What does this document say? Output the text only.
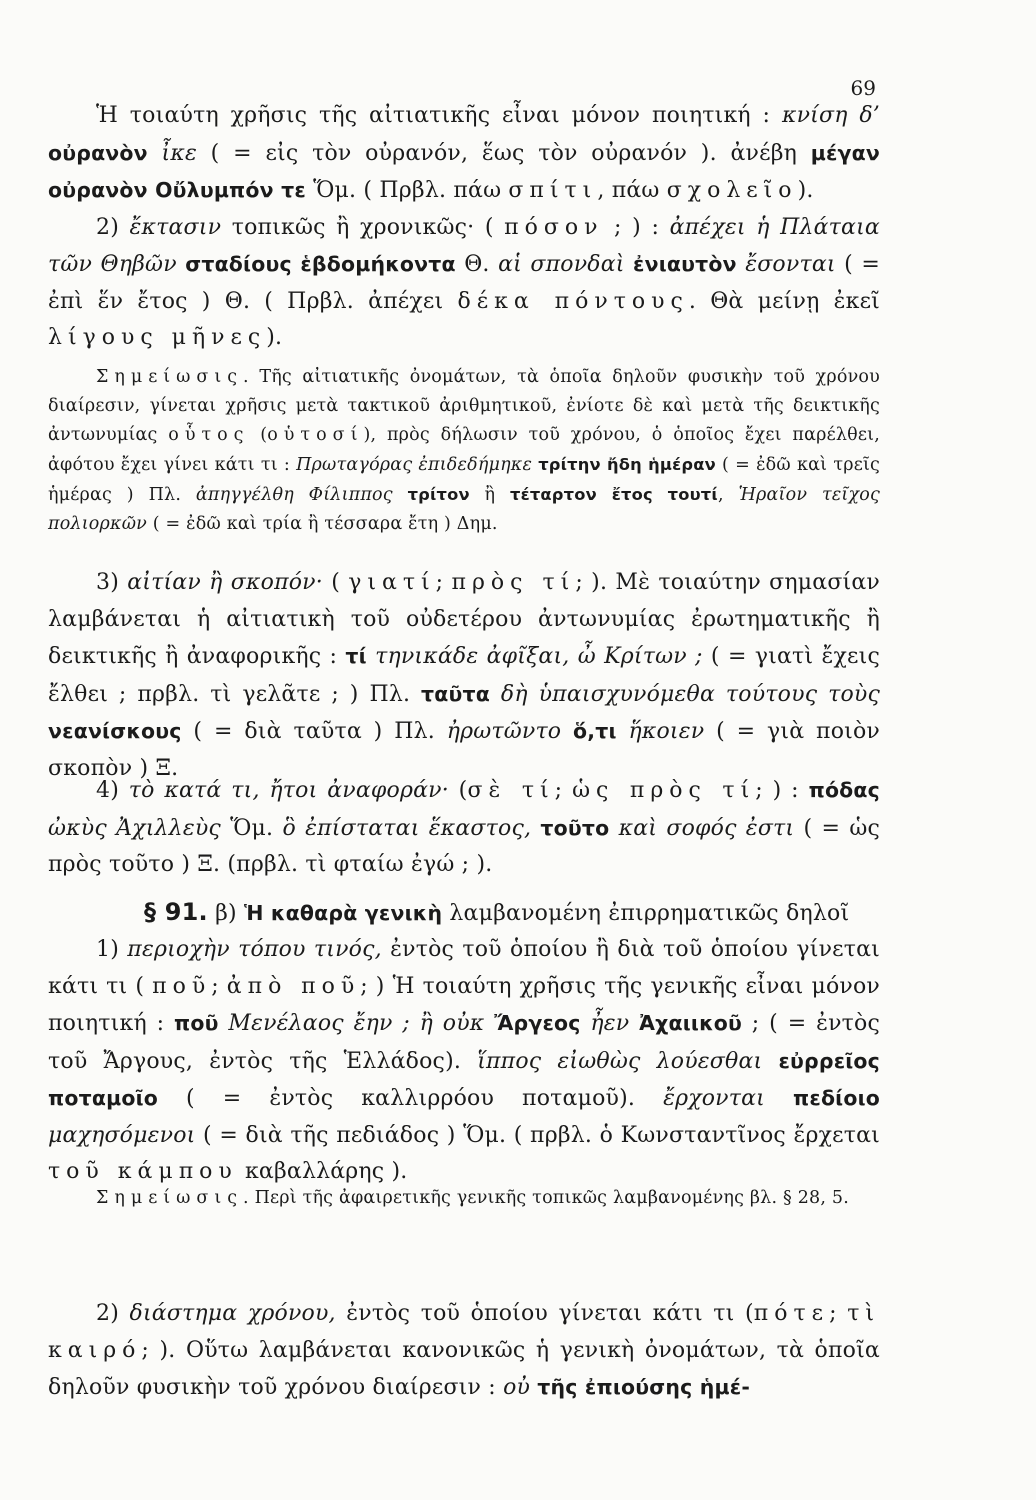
69
Ἡ τοιαύτη χρῆσις τῆς αἰτιατικῆς εἶναι μόνον ποιητική : κνίση δ’ οὐρανὸν ἶκε ( = εἰς τὸν οὐρανόν, ἕως τὸν οὐρανόν ). ἀνέβη μέγαν οὐρανὸν Οὔλυμπόν τε Ὅμ. ( Πρβλ. πάω σπίτι, πάω σχολεῖο).
2) ἔκτασιν τοπικῶς ἢ χρονικῶς· ( πόσον ; ) : ἀπέχει ἡ Πλάταια τῶν Θηβῶν σταδίους ἑβδομήκοντα Θ. αἱ σπονδαὶ ἐνιαυτὸν ἔσονται ( = ἐπὶ ἕν ἔτος ) Θ. ( Πρβλ. ἀπέχει δέκα πόντους. Θὰ μείνῃ ἐκεῖ λίγους μῆνες).
Σημείωσις. Τῆς αἰτιατικῆς ὀνομάτων, τὰ ὁποῖα δηλοῦν φυσικὴν τοῦ χρόνου διαίρεσιν, γίνεται χρῆσις μετὰ τακτικοῦ ἀριθμητικοῦ, ἐνίοτε δὲ καὶ μετὰ τῆς δεικτικῆς ἀντωνυμίας οὗτος (οὑτοσί), πρὸς δήλωσιν τοῦ χρόνου, ὁ ὁποῖος ἔχει παρέλθει, ἀφότου ἔχει γίνει κάτι τι : Πρωταγόρας ἐπιδεδήμηκε τρίτην ἤδη ἡμέραν ( = ἐδῶ καὶ τρεῖς ἡμέρας ) Πλ. ἀπηγγέλθη Φίλιππος τρίτον ἢ τέταρτον ἔτος τουτί, Ἡραῖον τεῖχος πολιορκῶν ( = ἐδῶ καὶ τρία ἢ τέσσαρα ἔτη ) Δημ.
3) αἰτίαν ἢ σκοπόν· ( γιατί; πρὸς τί; ). Μὲ τοιαύτην σημασίαν λαμβάνεται ἡ αἰτιατικὴ τοῦ οὐδετέρου ἀντωνυμίας ἐρωτηματικῆς ἢ δεικτικῆς ἢ ἀναφορικῆς : τί τηνικάδε ἀφῖξαι, ὦ Κρίτων ; ( = γιατὶ ἔχεις ἔλθει ; πρβλ. τὶ γελᾶτε ; ) Πλ. ταῦτα δὴ ὑπαισχυνόμεθα τούτους τοὺς νεανίσκους ( = διὰ ταῦτα ) Πλ. ἠρωτῶντο ὅ,τι ἥκοιεν ( = γιὰ ποιὸν σκοπὸν ) Ξ.
4) τὸ κατά τι, ἤτοι ἀναφοράν· (σὲ τί; ὡς πρὸς τί; ) : πόδας ὠκὺς Ἀχιλλεὺς Ὅμ. ὃ ἐπίσταται ἕκαστος, τοῦτο καὶ σοφός ἐστι ( = ὡς πρὸς τοῦτο ) Ξ. (πρβλ. τὶ φταίω ἐγώ ; ).
§ 91. β) Ἡ καθαρὰ γενικὴ λαμβανομένη ἐπιρρηματικῶς δηλοῖ
1) περιοχὴν τόπου τινός, ἐντὸς τοῦ ὁποίου ἢ διὰ τοῦ ὁποίου γίνεται κάτι τι ( ποῦ; ἀπὸ ποῦ; ) Ἡ τοιαύτη χρῆσις τῆς γενικῆς εἶναι μόνον ποιητική : ποῦ Μενέλαος ἔην ; ἢ οὐκ Ἄργεος ἦεν Ἀχαιικοῦ ; ( = ἐντὸς τοῦ Ἄργους, ἐντὸς τῆς Ἑλλάδος). ἵππος εἰωθὼς λούεσθαι εὐρρεῖος ποταμοῖο ( = ἐντὸς καλλιρρόου ποταμοῦ). ἔρχονται πεδίοιο μαχησόμενοι ( = διὰ τῆς πεδιάδος ) Ὅμ. ( πρβλ. ὁ Κωνσταντῖνος ἔρχεται τοῦ κάμπου καβαλλάρης ).
Σημείωσις. Περὶ τῆς ἀφαιρετικῆς γενικῆς τοπικῶς λαμβανομένης βλ. § 28, 5.
2) διάστημα χρόνου, ἐντὸς τοῦ ὁποίου γίνεται κάτι τι (πότε; τὶ καιρό; ). Οὕτω λαμβάνεται κανονικῶς ἡ γενικὴ ὀνομάτων, τὰ ὁποῖα δηλοῦν φυσικὴν τοῦ χρόνου διαίρεσιν : οὐ τῆς ἐπιούσης ἡμέ-
